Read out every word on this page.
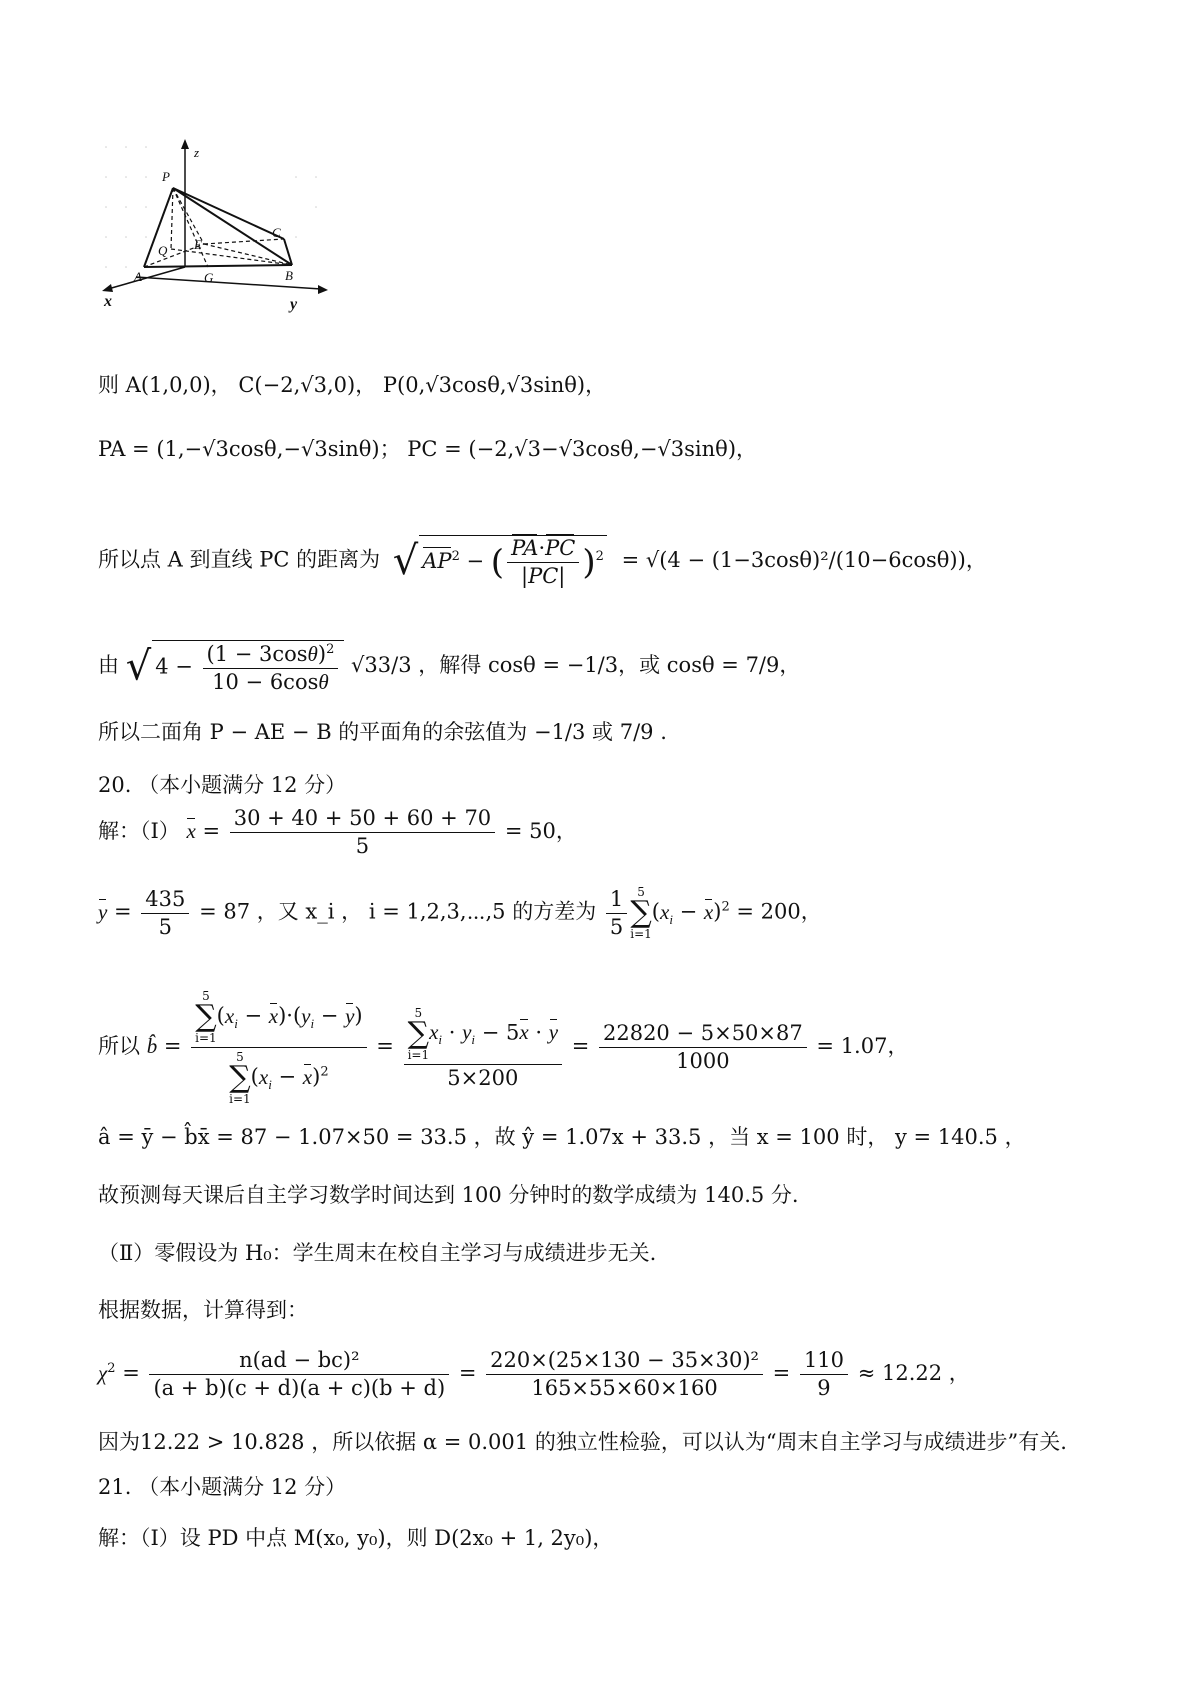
z
P
C
Q E
A	G	B
x	y
则 A(1,0,0)， C(−2,√3,0)， P(0,√3cosθ,√3sinθ)，
PA = (1,−√3cosθ,−√3sinθ)； PC = (−2,√3−√3cosθ,−√3sinθ)，
所以点 A 到直线 PC 的距离为 √ $AP^2$ − ( $\frac{PA\cdot PC}{|PC|} )^2 = √(4 - (1-3\cos\theta)^2/(10-6\cos\theta))$，
由 √ $4 - \frac{(1 - 3\cos\theta)^2}{10 - 6\cos\theta} √33/3$ ，解得 cosθ = −1/3，或 cosθ = 7/9，
所以二面角 P − AE − B 的平面角的余弦值为 −1/3 或 7/9 .
20. （本小题满分 12 分）
解：（Ⅰ） $x = \frac{30 + 40 + 50 + 60 + 70}{5} = 50$，
$y = \frac{435}{5} = 87$ ，又 x_i ， i = 1,2,3,⋯,5 的方差为 $\frac{1}{5} 5$
∑
i=1
$(x_i - x)^2 = 200$，
所以 b̂ = 5
∑
i=1
$(x_i - x)\cdot(y_i - y)$
5
∑
i=1
$(x_i - x)^2 = 5$
∑
i=1
$x_i \cdot y_i - 5x \cdot y$
$5\times 200 = \frac{22820 - 5\times 50\times 87}{1000} = 1.07$，
â = ȳ − b̂x̄ = 87 − 1.07×50 = 33.5 ，故 ŷ = 1.07x + 33.5 ，当 x = 100 时， y = 140.5 ，
故预测每天课后自主学习数学时间达到 100 分钟时的数学成绩为 140.5 分.
（Ⅱ）零假设为 H₀：学生周末在校自主学习与成绩进步无关.
根据数据，计算得到：
$\chi^2 = \frac{\text{n(ad − bc)²}}{(a + b)(c + d)(a + c)(b + d)} = \frac{\text{220×(25×130 − 35×30)²}}{165\times 55\times 60\times 160} = \frac{110}{9} \approx 12.22$ ，
因为12.22 > 10.828 ，所以依据 α = 0.001 的独立性检验，可以认为“周末自主学习与成绩进步”有关.
21. （本小题满分 12 分）
解：（Ⅰ）设 PD 中点 M(x₀, y₀)，则 D(2x₀ + 1, 2y₀)，
